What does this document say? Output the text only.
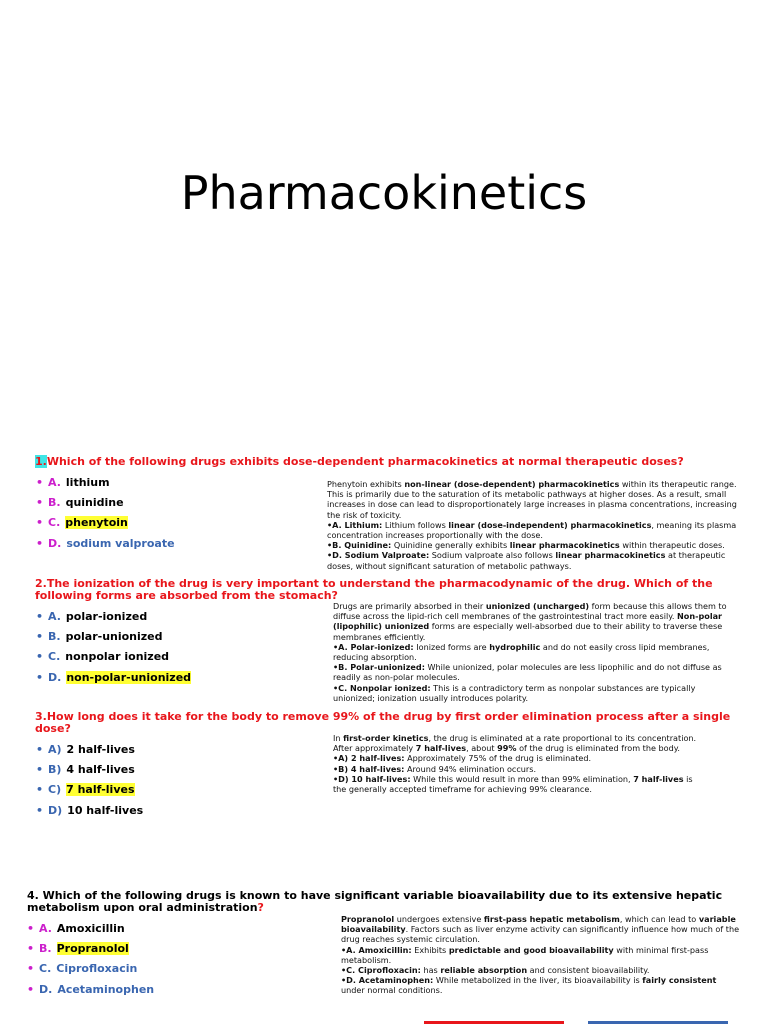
Pharmacokinetics
1.Which of the following drugs exhibits dose-dependent pharmacokinetics at normal therapeutic doses?
• A. lithium
• B. quinidine
• C. phenytoin
• D. sodium valproate

Phenytoin exhibits non-linear (dose-dependent) pharmacokinetics within its therapeutic range. This is primarily due to the saturation of its metabolic pathways at higher doses. As a result, small increases in dose can lead to disproportionately large increases in plasma concentrations, increasing the risk of toxicity.

•A. Lithium: Lithium follows linear (dose-independent) pharmacokinetics, meaning its plasma concentration increases proportionally with the dose.

•B. Quinidine: Quinidine generally exhibits linear pharmacokinetics within therapeutic doses.

•D. Sodium Valproate: Sodium valproate also follows linear pharmacokinetics at therapeutic doses, without significant saturation of metabolic pathways.

2.The ionization of the drug is very important to understand the pharmacodynamic of the drug. Which of the following forms are absorbed from the stomach?
• A. polar-ionized
• B. polar-unionized
• C. nonpolar ionized
• D. non-polar-unionized

Drugs are primarily absorbed in their unionized (uncharged) form because this allows them to diffuse across the lipid-rich cell membranes of the gastrointestinal tract more easily. Non-polar (lipophilic) unionized forms are especially well-absorbed due to their ability to traverse these membranes efficiently.

•A. Polar-ionized: Ionized forms are hydrophilic and do not easily cross lipid membranes, reducing absorption.

•B. Polar-unionized: While unionized, polar molecules are less lipophilic and do not diffuse as readily as non-polar molecules.

•C. Nonpolar ionized: This is a contradictory term as nonpolar substances are typically unionized; ionization usually introduces polarity.

3.How long does it take for the body to remove 99% of the drug by first order elimination process after a single dose?
• A) 2 half-lives
• B) 4 half-lives
• C) 7 half-lives
• D) 10 half-lives

In first-order kinetics, the drug is eliminated at a rate proportional to its concentration. After approximately 7 half-lives, about 99% of the drug is eliminated from the body.

•A) 2 half-lives: Approximately 75% of the drug is eliminated.

•B) 4 half-lives: Around 94% elimination occurs.

•D) 10 half-lives: While this would result in more than 99% elimination, 7 half-lives is the generally accepted timeframe for achieving 99% clearance.

4. Which of the following drugs is known to have significant variable bioavailability due to its extensive hepatic metabolism upon oral administration?
• A. Amoxicillin
• B. Propranolol
• C. Ciprofloxacin
• D. Acetaminophen

Propranolol undergoes extensive first-pass hepatic metabolism, which can lead to variable bioavailability. Factors such as liver enzyme activity can significantly influence how much of the drug reaches systemic circulation.

•A. Amoxicillin: Exhibits predictable and good bioavailability with minimal first-pass metabolism.

•C. Ciprofloxacin: has reliable absorption and consistent bioavailability.

•D. Acetaminophen: While metabolized in the liver, its bioavailability is fairly consistent under normal conditions.
